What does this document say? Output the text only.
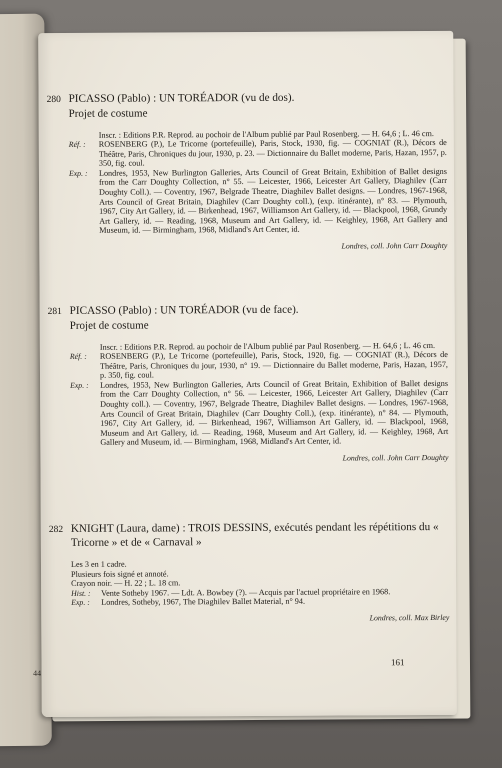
44
280 PICASSO (Pablo) : UN TORÉADOR (vu de dos).
Projet de costume
Inscr. : Editions P.R. Reprod. au pochoir de l'Album publié par Paul Rosenberg. — H. 64,6 ; L. 46 cm.
Réf. :	ROSENBERG (P.), Le Tricorne (portefeuille), Paris, Stock, 1930, fig. — COGNIAT (R.), Décors de Théâtre, Paris, Chroniques du jour, 1930, p. 23. — Dictionnaire du Ballet moderne, Paris, Hazan, 1957, p. 350, fig. coul.
Exp. :	Londres, 1953, New Burlington Galleries, Arts Council of Great Britain, Exhibition of Ballet designs from the Carr Doughty Collection, n° 55. — Leicester, 1966, Leicester Art Gallery, Diaghilev (Carr Doughty Coll.). — Coventry, 1967, Belgrade Theatre, Diaghilev Ballet designs. — Londres, 1967-1968, Arts Council of Great Britain, Diaghilev (Carr Doughty coll.), (exp. itinérante), n° 83. — Plymouth, 1967, City Art Gallery, id. — Birkenhead, 1967, Williamson Art Gallery, id. — Blackpool, 1968, Grundy Art Gallery, id. — Reading, 1968, Museum and Art Gallery, id. — Keighley, 1968, Art Gallery and Museum, id. — Birmingham, 1968, Midland's Art Center, id.
Londres, coll. John Carr Doughty
281 PICASSO (Pablo) : UN TORÉADOR (vu de face).
Projet de costume
Inscr. : Editions P.R. Reprod. au pochoir de l'Album publié par Paul Rosenberg. — H. 64,6 ; L. 46 cm.
Réf. :	ROSENBERG (P.), Le Tricorne (portefeuille), Paris, Stock, 1920, fig. — COGNIAT (R.), Décors de Théâtre, Paris, Chroniques du jour, 1930, n° 19. — Dictionnaire du Ballet moderne, Paris, Hazan, 1957, p. 350, fig. coul.
Exp. :	Londres, 1953, New Burlington Galleries, Arts Council of Great Britain, Exhibition of Ballet designs from the Carr Doughty Collection, n° 56. — Leicester, 1966, Leicester Art Gallery, Diaghilev (Carr Doughty coll.). — Coventry, 1967, Belgrade Theatre, Diaghilev Ballet designs. — Londres, 1967-1968, Arts Council of Great Britain, Diaghilev (Carr Doughty Coll.), (exp. itinérante), n° 84. — Plymouth, 1967, City Art Gallery, id. — Birkenhead, 1967, Williamson Art Gallery, id. — Blackpool, 1968, Museum and Art Gallery, id. — Reading, 1968, Museum and Art Gallery, id. — Keighley, 1968, Art Gallery and Museum, id. — Birmingham, 1968, Midland's Art Center, id.
Londres, coll. John Carr Doughty
282 KNIGHT (Laura, dame) : TROIS DESSINS, exécutés pendant les répétitions du « Tricorne » et de « Carnaval »
Les 3 en 1 cadre.
Plusieurs fois signé et annoté.
Crayon noir. — H. 22 ; L. 18 cm.
Hist. :	Vente Sotheby 1967. — Ldt. A. Bowbey (?). — Acquis par l'actuel propriétaire en 1968.
Exp. :	Londres, Sotheby, 1967, The Diaghilev Ballet Material, n° 94.
Londres, coll. Max Birley
161
